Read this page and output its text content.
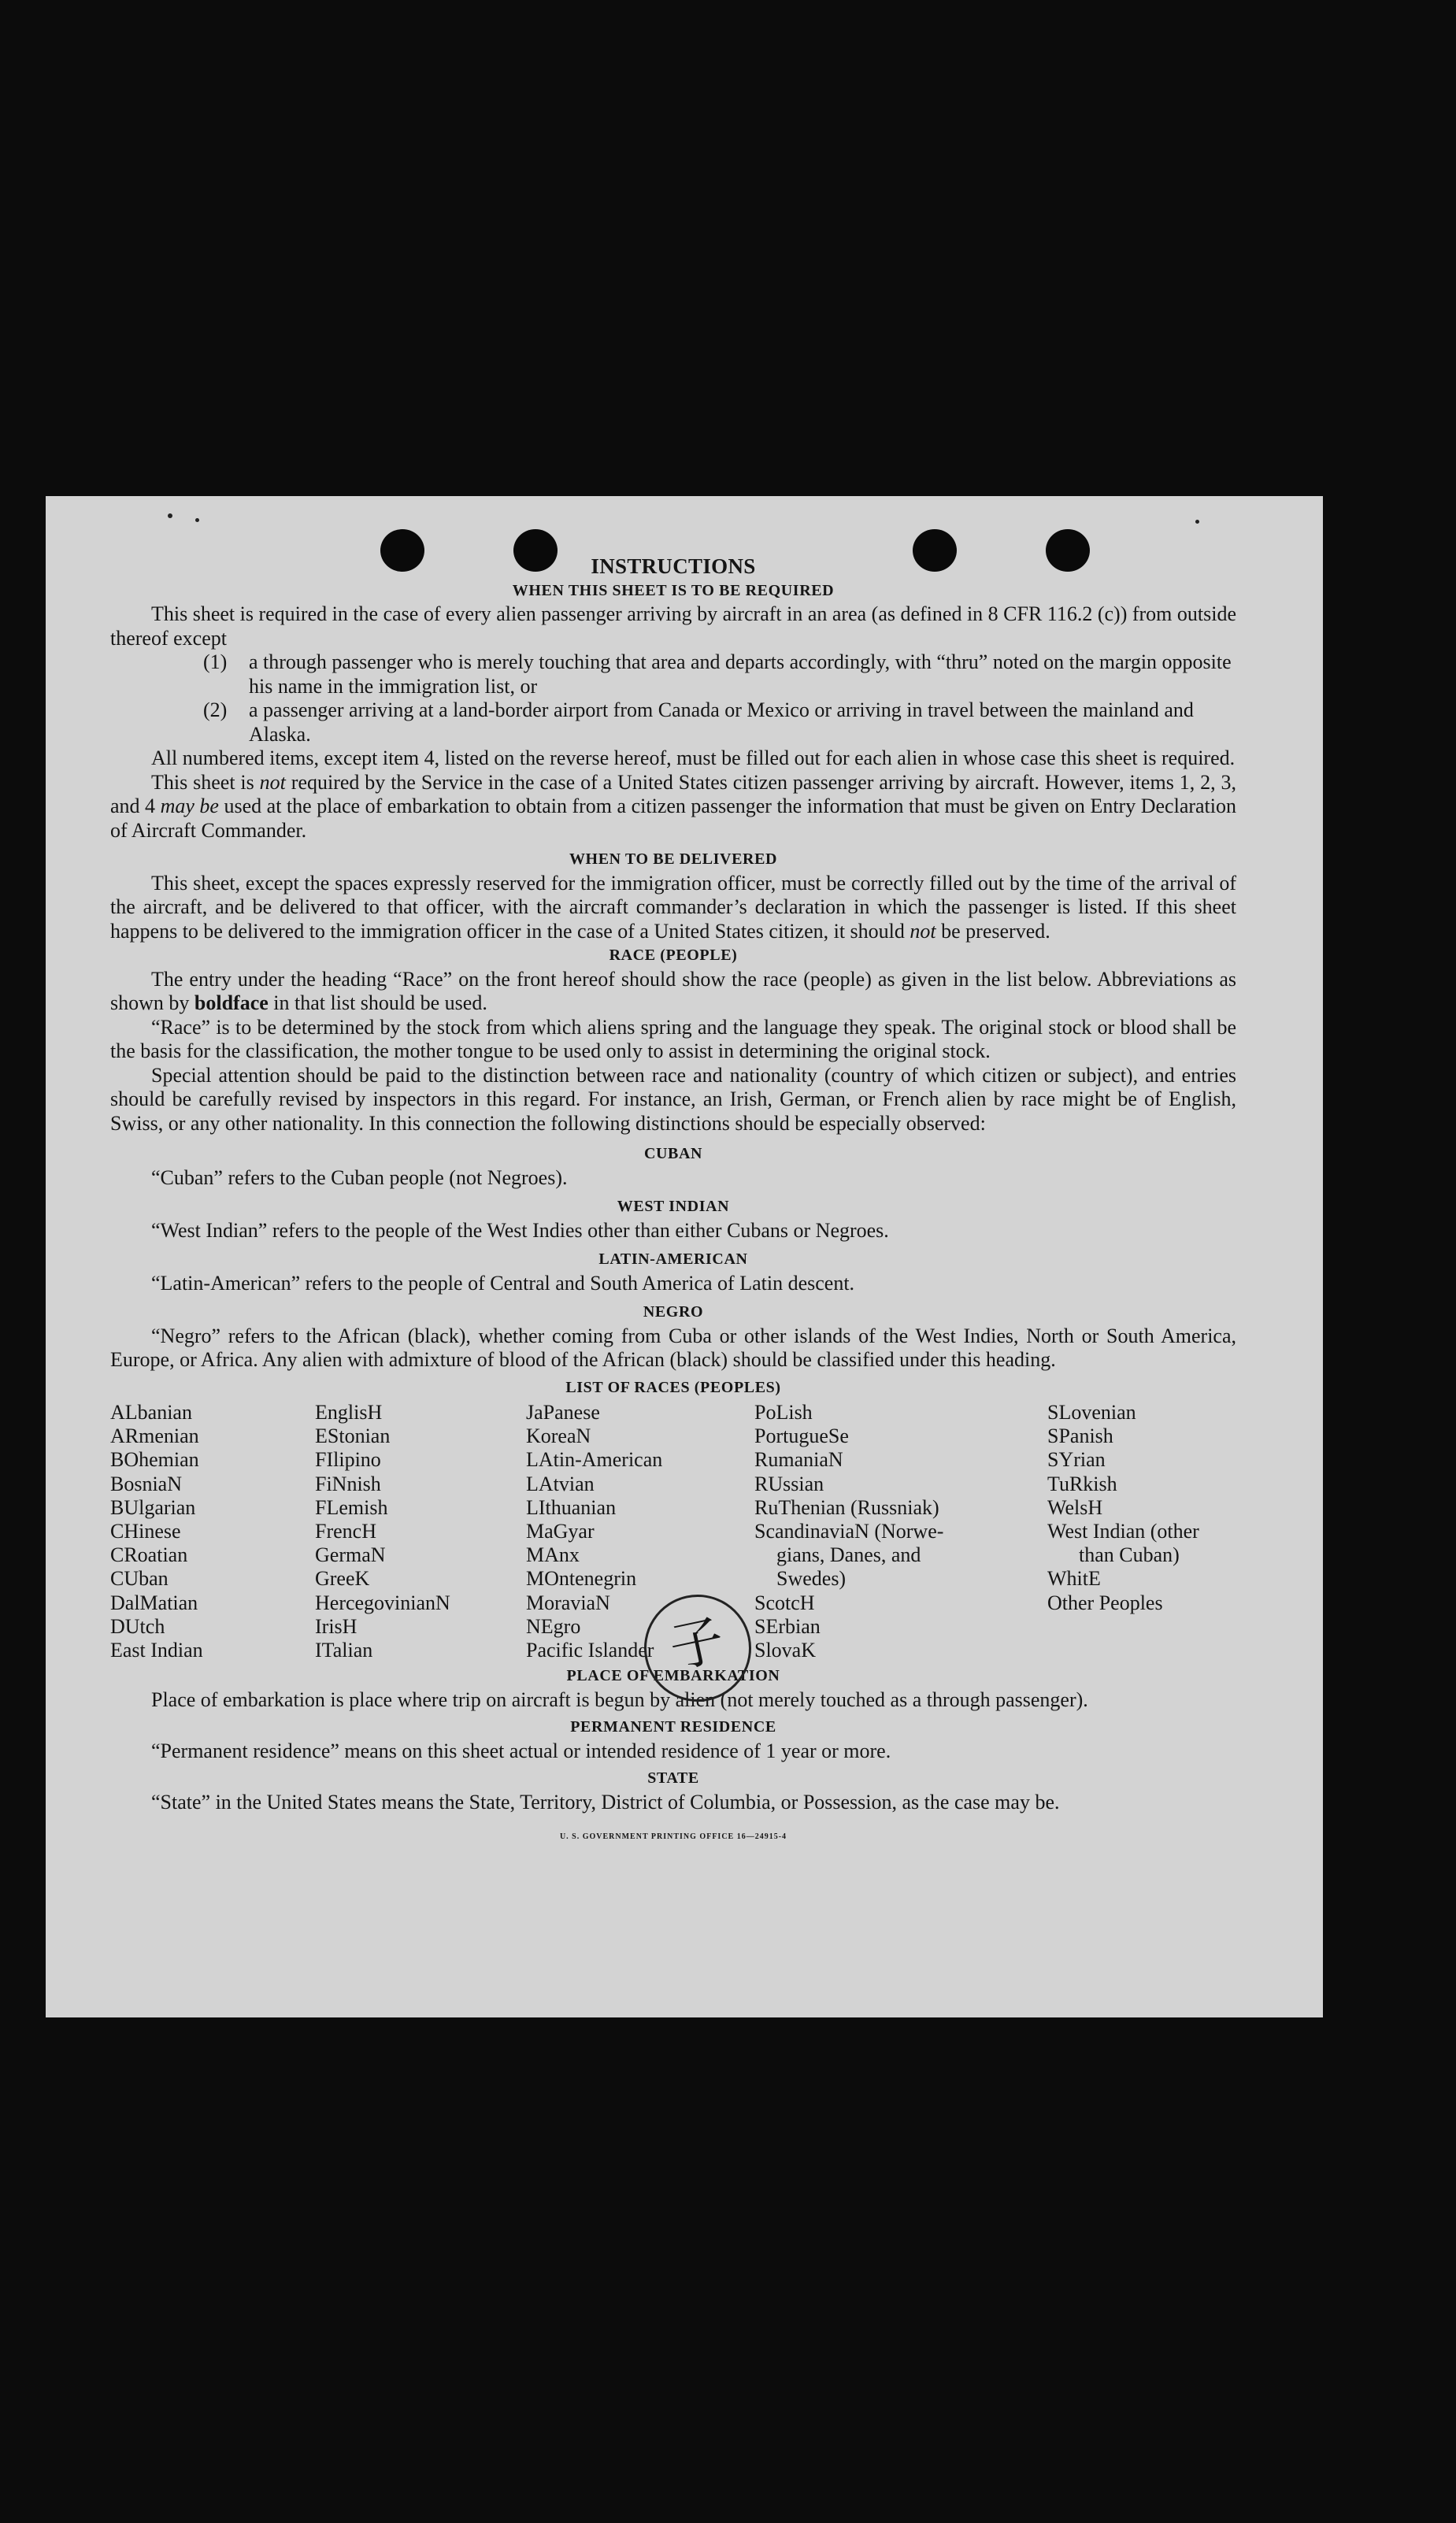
INSTRUCTIONS
WHEN THIS SHEET IS TO BE REQUIRED

This sheet is required in the case of every alien passenger arriving by aircraft in an area (as defined in 8 CFR 116.2 (c)) from outside thereof except

(1)	a through passenger who is merely touching that area and departs accordingly, with “thru” noted on the margin opposite his name in the immigration list, or
(2)	a passenger arriving at a land-border airport from Canada or Mexico or arriving in travel between the mainland and Alaska.

All numbered items, except item 4, listed on the reverse hereof, must be filled out for each alien in whose case this sheet is required.

This sheet is not required by the Service in the case of a United States citizen passenger arriving by aircraft. However, items 1, 2, 3, and 4 may be used at the place of embarkation to obtain from a citizen passenger the information that must be given on Entry Declaration of Aircraft Commander.

WHEN TO BE DELIVERED

This sheet, except the spaces expressly reserved for the immigration officer, must be correctly filled out by the time of the arrival of the aircraft, and be delivered to that officer, with the aircraft commander’s declaration in which the passenger is listed. If this sheet happens to be delivered to the immigration officer in the case of a United States citizen, it should not be preserved.

RACE (PEOPLE)

The entry under the heading “Race” on the front hereof should show the race (people) as given in the list below. Abbreviations as shown by boldface in that list should be used.

“Race” is to be determined by the stock from which aliens spring and the language they speak. The original stock or blood shall be the basis for the classification, the mother tongue to be used only to assist in determining the original stock.

Special attention should be paid to the distinction between race and nationality (country of which citizen or subject), and entries should be carefully revised by inspectors in this regard. For instance, an Irish, German, or French alien by race might be of English, Swiss, or any other nationality. In this connection the following distinctions should be especially observed:

CUBAN

“Cuban” refers to the Cuban people (not Negroes).

WEST INDIAN

“West Indian” refers to the people of the West Indies other than either Cubans or Negroes.

LATIN-AMERICAN

“Latin-American” refers to the people of Central and South America of Latin descent.

NEGRO

“Negro” refers to the African (black), whether coming from Cuba or other islands of the West Indies, North or South America, Europe, or Africa. Any alien with admixture of blood of the African (black) should be classified under this heading.

LIST OF RACES (PEOPLES)
ALbanian
ARmenian
BOhemian
BosniaN
BUlgarian
CHinese
CRoatian
CUban
DalMatian
DUtch
East Indian
EnglisH
EStonian
FIlipino
FiNnish
FLemish
FrencH
GermaN
GreeK
HercegovinianN
IrisH
ITalian
JaPanese
KoreaN
LAtin-American
LAtvian
LIthuanian
MaGyar
MAnx
MOntenegrin
MoraviaN
NEgro
Pacific Islander
PoLish
PortugueSe
RumaniaN
RUssian
RuThenian (Russniak)
ScandinaviaN (Norwe-
gians, Danes, and
Swedes)
ScotcH
SErbian
SlovaK
SLovenian
SPanish
SYrian
TuRkish
WelsH
West Indian (other
than Cuban)
WhitE
Other Peoples
PLACE OF EMBARKATION

Place of embarkation is place where trip on aircraft is begun by alien (not merely touched as a through passenger).

PERMANENT RESIDENCE

“Permanent residence” means on this sheet actual or intended residence of 1 year or more.

STATE

“State” in the United States means the State, Territory, District of Columbia, or Possession, as the case may be.

U. S. GOVERNMENT PRINTING OFFICE 16—24915-4
子
